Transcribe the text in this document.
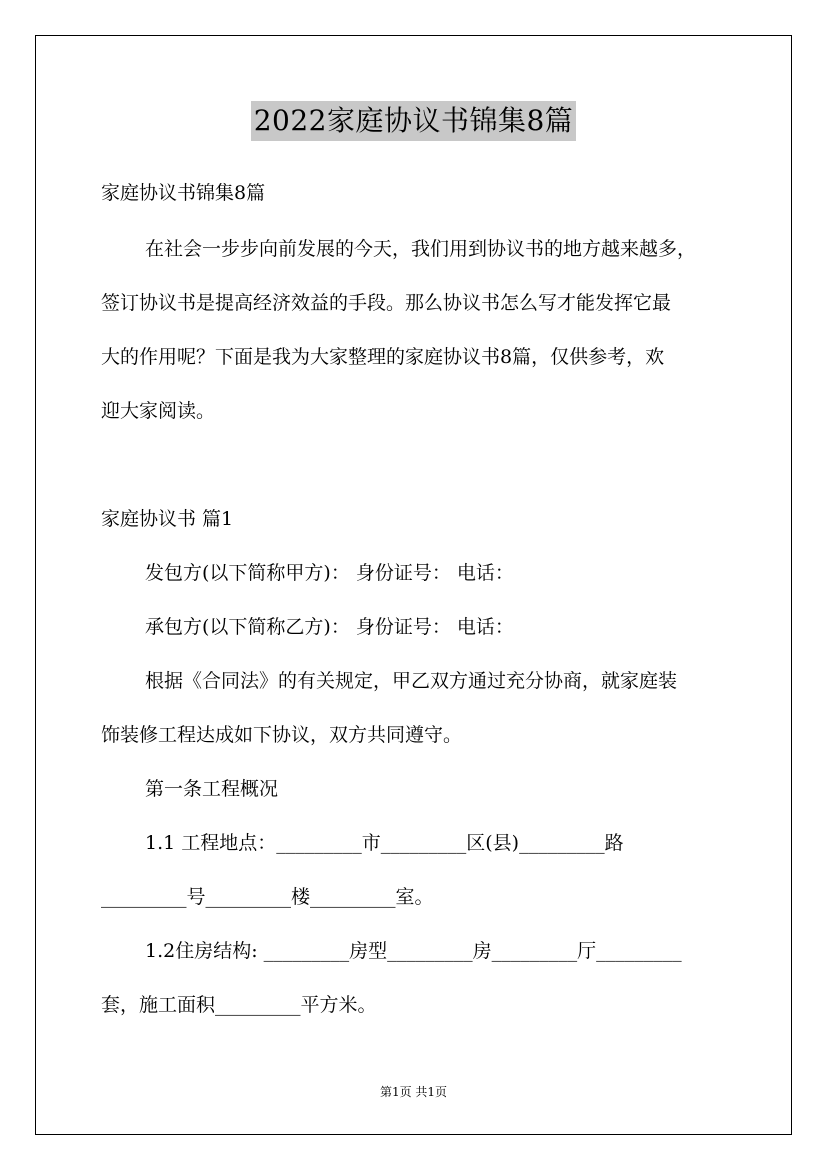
2022家庭协议书锦集8篇
家庭协议书锦集8篇
在社会一步步向前发展的今天，我们用到协议书的地方越来越多，
签订协议书是提高经济效益的手段。那么协议书怎么写才能发挥它最
大的作用呢？下面是我为大家整理的家庭协议书8篇，仅供参考，欢
迎大家阅读。
家庭协议书 篇1
发包方(以下简称甲方)： 身份证号： 电话：
承包方(以下简称乙方)： 身份证号： 电话：
根据《合同法》的有关规定，甲乙双方通过充分协商，就家庭装
饰装修工程达成如下协议，双方共同遵守。
第一条工程概况
1.1 工程地点：_________市_________区(县)_________路
_________号_________楼_________室。
1.2住房结构: _________房型_________房_________厅_________
套，施工面积_________平方米。
第1页 共1页
